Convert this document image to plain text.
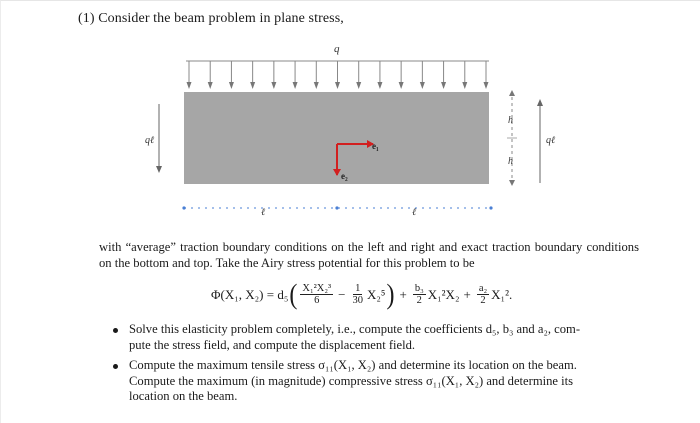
(1) Consider the beam problem in plane stress,
q
e₁
e₂
qℓ
h
h
qℓ
ℓ	ℓ
with “average” traction boundary conditions on the left and right and exact traction boundary conditions on the bottom and top. Take the Airy stress potential for this problem to be
Φ(X₁, X₂) = d₅ ( $\frac{\text{X₁²X₂³}}{6} - \frac{1}{30} X_2^5$ ) + $\frac{\text{b₃}}{2} X_1^2X_2 + \frac{\text{a₂}}{2} X_1^2$.
Solve this elasticity problem completely, i.e., compute the coefficients d₅, b₃ and a₂, com-
pute the stress field, and compute the displacement field.
Compute the maximum tensile stress σ₁₁(X₁, X₂) and determine its location on the beam.
Compute the maximum (in magnitude) compressive stress σ₁₁(X₁, X₂) and determine its
location on the beam.
